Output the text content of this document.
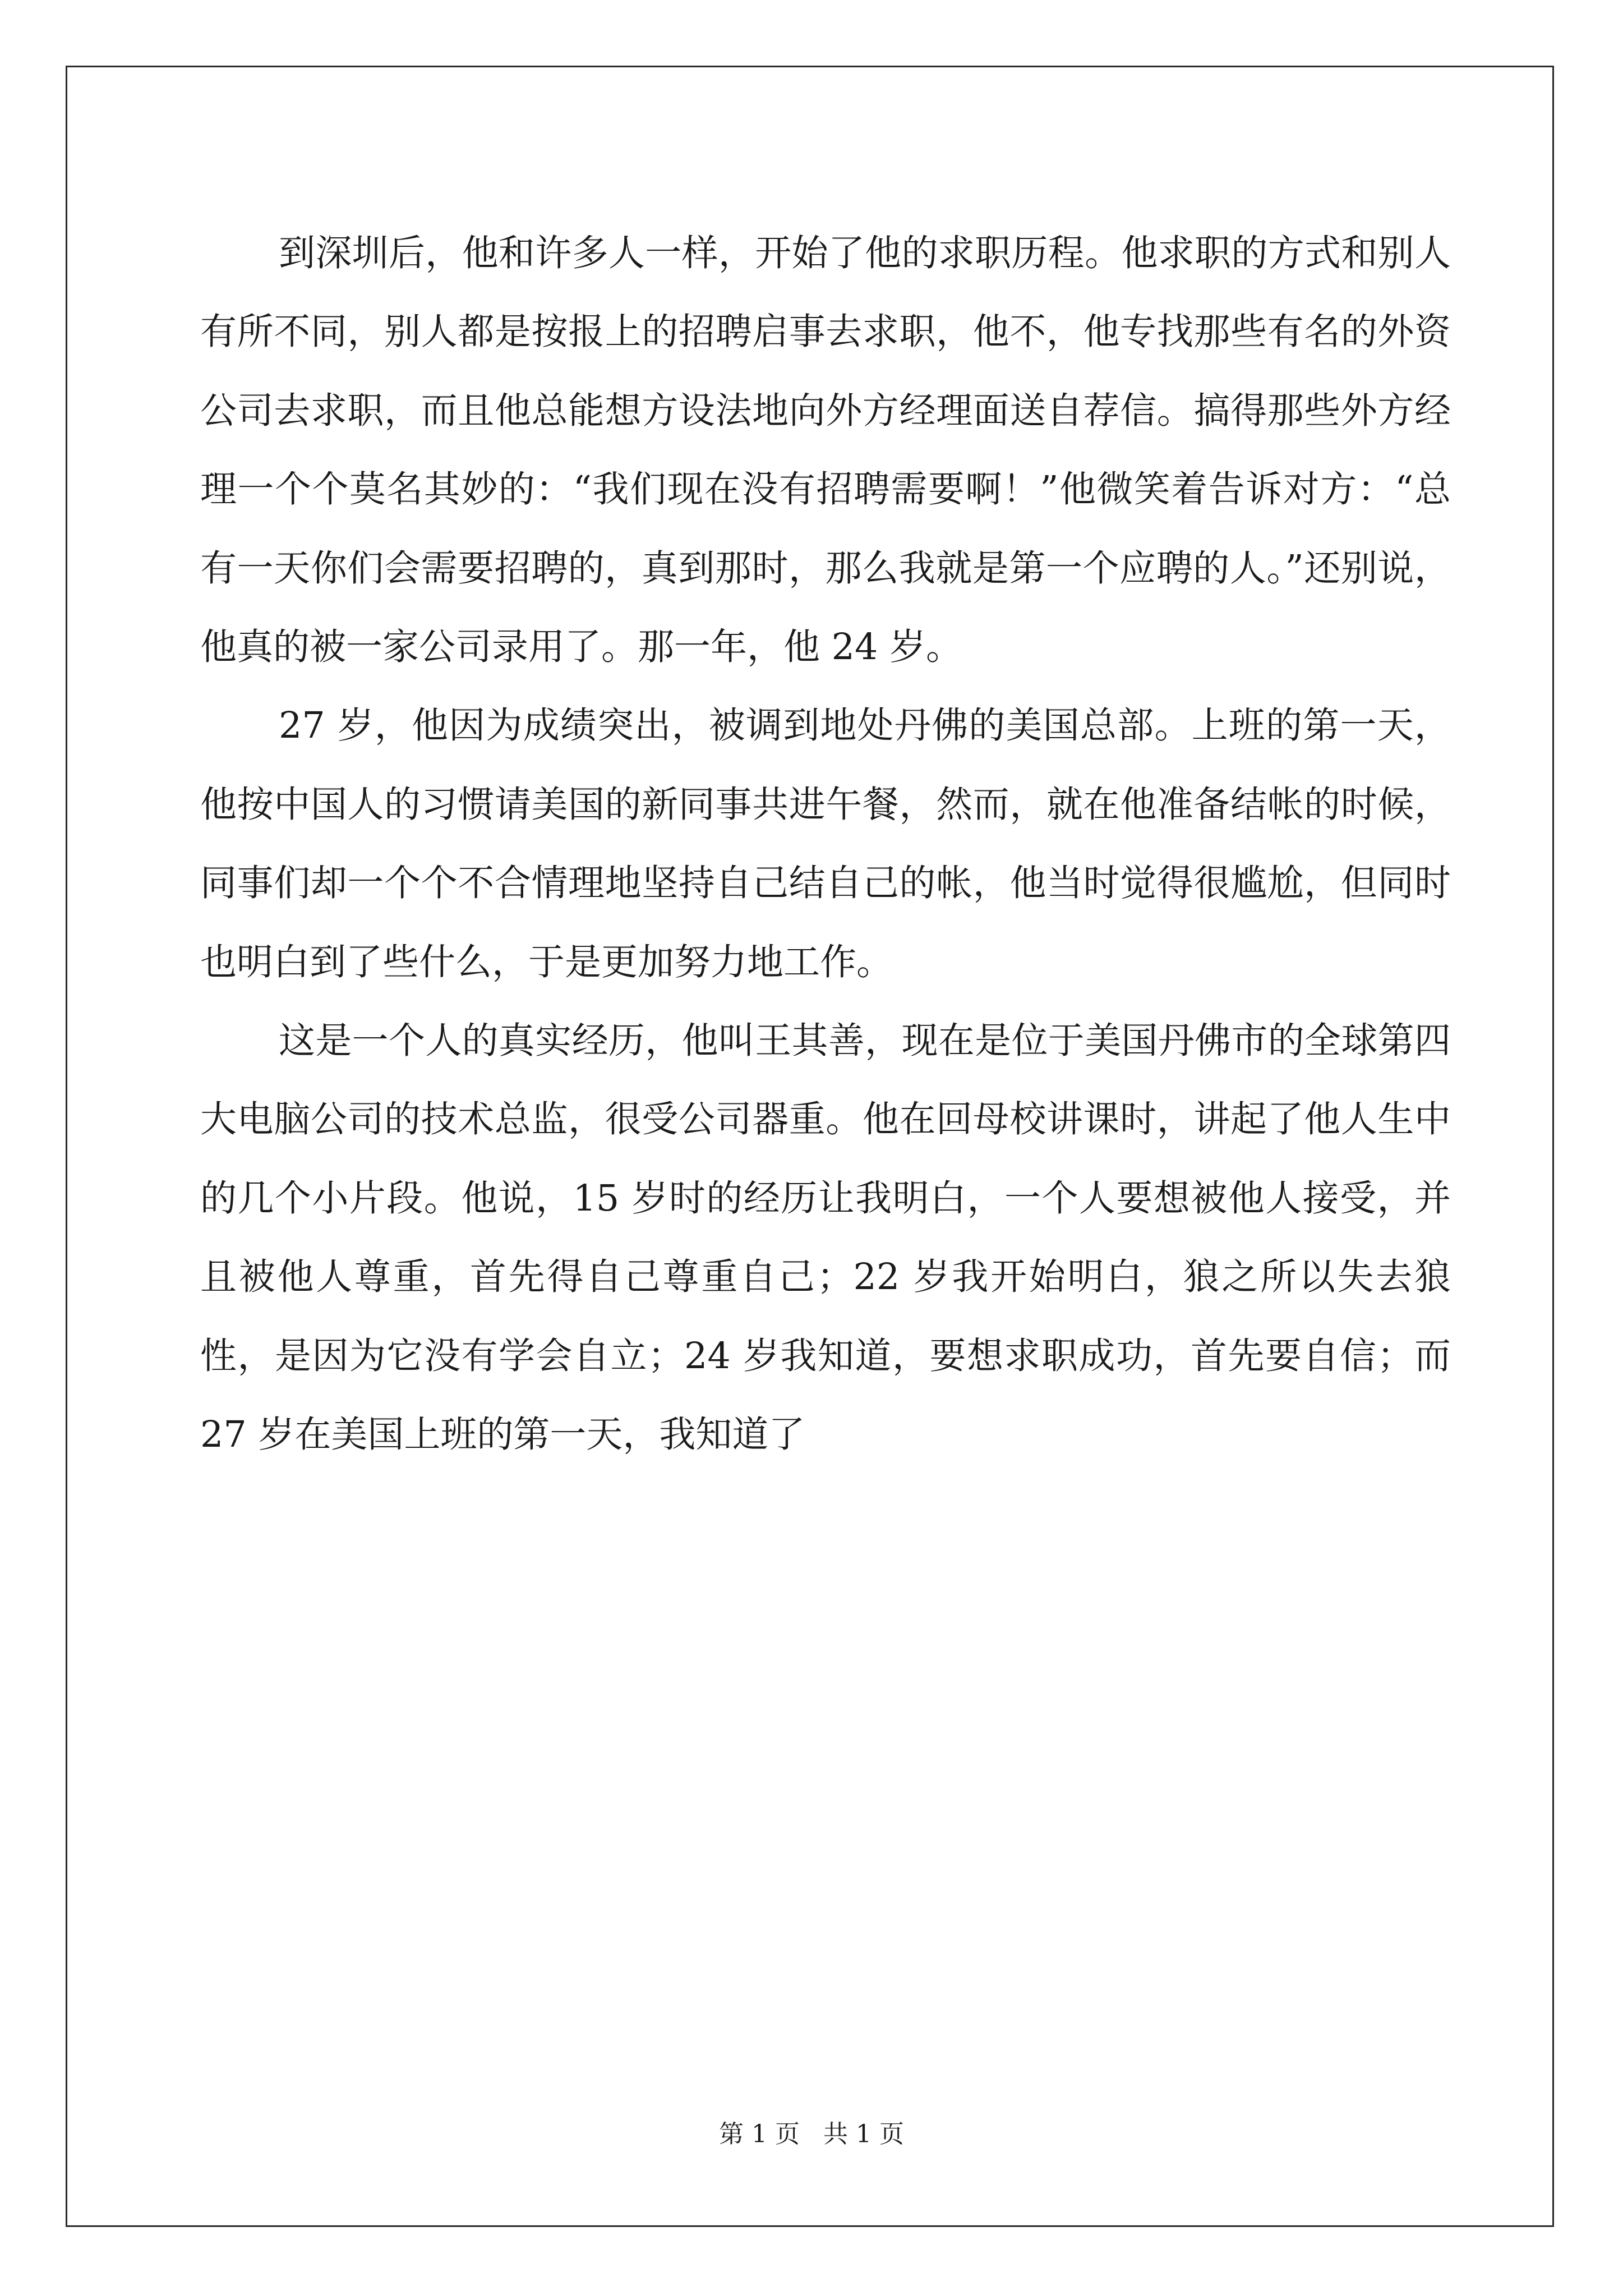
到深圳后，他和许多人一样，开始了他的求职历程。他求职的方式和别人有所不同，别人都是按报上的招聘启事去求职，他不，他专找那些有名的外资公司去求职，而且他总能想方设法地向外方经理面送自荐信。搞得那些外方经理一个个莫名其妙的：“我们现在没有招聘需要啊！”他微笑着告诉对方：“总有一天你们会需要招聘的，真到那时，那么我就是第一个应聘的人。”还别说，他真的被一家公司录用了。那一年，他 24 岁。

27 岁，他因为成绩突出，被调到地处丹佛的美国总部。上班的第一天，他按中国人的习惯请美国的新同事共进午餐，然而，就在他准备结帐的时候，同事们却一个个不合情理地坚持自己结自己的帐，他当时觉得很尴尬，但同时也明白到了些什么，于是更加努力地工作。

这是一个人的真实经历，他叫王其善，现在是位于美国丹佛市的全球第四大电脑公司的技术总监，很受公司器重。他在回母校讲课时，讲起了他人生中的几个小片段。他说，15 岁时的经历让我明白，一个人要想被他人接受，并且被他人尊重，首先得自己尊重自己；22 岁我开始明白，狼之所以失去狼性，是因为它没有学会自立；24 岁我知道，要想求职成功，首先要自信；而 27 岁在美国上班的第一天，我知道了

第 1 页 共 1 页
